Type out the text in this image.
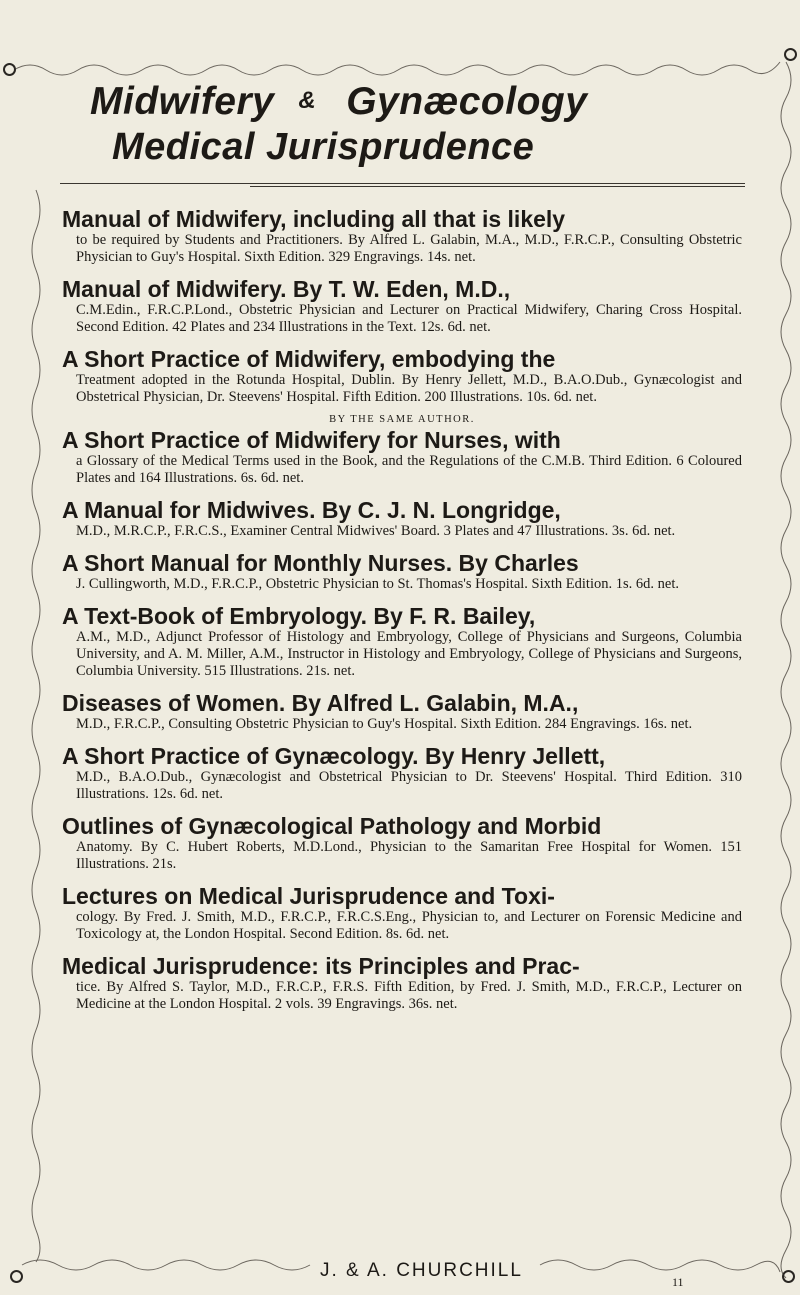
Midwifery & Gynæcology
Medical Jurisprudence
Manual of Midwifery, including all that is likely
to be required by Students and Practitioners. By Alfred L. Galabin, M.A., M.D., F.R.C.P., Consulting Obstetric Physician to Guy's Hospital. Sixth Edition. 329 Engravings. 14s. net.
Manual of Midwifery. By T. W. Eden, M.D.,
C.M.Edin., F.R.C.P.Lond., Obstetric Physician and Lecturer on Practical Midwifery, Charing Cross Hospital. Second Edition. 42 Plates and 234 Illustrations in the Text. 12s. 6d. net.
A Short Practice of Midwifery, embodying the
Treatment adopted in the Rotunda Hospital, Dublin. By Henry Jellett, M.D., B.A.O.Dub., Gynæcologist and Obstetrical Physician, Dr. Steevens' Hospital. Fifth Edition. 200 Illustrations. 10s. 6d. net.
BY THE SAME AUTHOR.
A Short Practice of Midwifery for Nurses, with
a Glossary of the Medical Terms used in the Book, and the Regulations of the C.M.B. Third Edition. 6 Coloured Plates and 164 Illustrations. 6s. 6d. net.
A Manual for Midwives. By C. J. N. Longridge,
M.D., M.R.C.P., F.R.C.S., Examiner Central Midwives' Board. 3 Plates and 47 Illustrations. 3s. 6d. net.
A Short Manual for Monthly Nurses. By Charles
J. Cullingworth, M.D., F.R.C.P., Obstetric Physician to St. Thomas's Hospital. Sixth Edition. 1s. 6d. net.
A Text-Book of Embryology. By F. R. Bailey,
A.M., M.D., Adjunct Professor of Histology and Embryology, College of Physicians and Surgeons, Columbia University, and A. M. Miller, A.M., Instructor in Histology and Embryology, College of Physicians and Surgeons, Columbia University. 515 Illustrations. 21s. net.
Diseases of Women. By Alfred L. Galabin, M.A.,
M.D., F.R.C.P., Consulting Obstetric Physician to Guy's Hospital. Sixth Edition. 284 Engravings. 16s. net.
A Short Practice of Gynæcology. By Henry Jellett,
M.D., B.A.O.Dub., Gynæcologist and Obstetrical Physician to Dr. Steevens' Hospital. Third Edition. 310 Illustrations. 12s. 6d. net.
Outlines of Gynæcological Pathology and Morbid
Anatomy. By C. Hubert Roberts, M.D.Lond., Physician to the Samaritan Free Hospital for Women. 151 Illustrations. 21s.
Lectures on Medical Jurisprudence and Toxi-
cology. By Fred. J. Smith, M.D., F.R.C.P., F.R.C.S.Eng., Physician to, and Lecturer on Forensic Medicine and Toxicology at, the London Hospital. Second Edition. 8s. 6d. net.
Medical Jurisprudence: its Principles and Prac-
tice. By Alfred S. Taylor, M.D., F.R.C.P., F.R.S. Fifth Edition, by Fred. J. Smith, M.D., F.R.C.P., Lecturer on Medicine at the London Hospital. 2 vols. 39 Engravings. 36s. net.
J. & A. CHURCHILL
11
